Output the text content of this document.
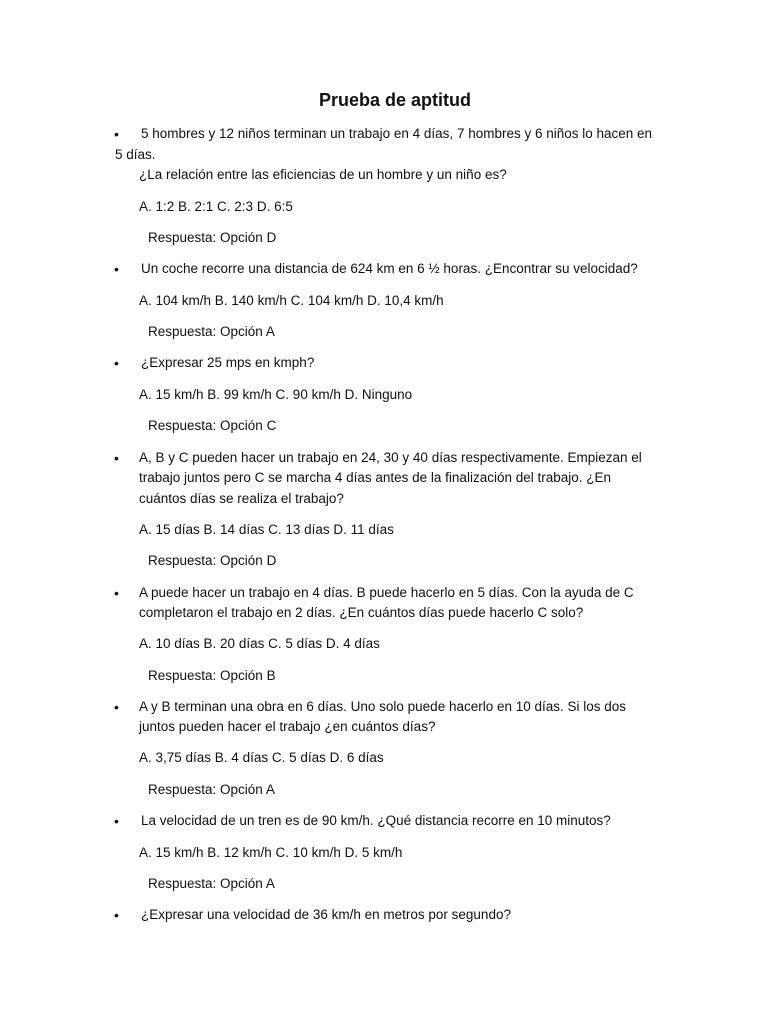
Prueba de aptitud
•	5 hombres y 12 niños terminan un trabajo en 4 días, 7 hombres y 6 niños lo hacen en
5 días.
¿La relación entre las eficiencias de un hombre y un niño es?
A. 1:2 B. 2:1 C. 2:3 D. 6:5
Respuesta: Opción D
•	Un coche recorre una distancia de 624 km en 6 ½ horas. ¿Encontrar su velocidad?
A. 104 km/h B. 140 km/h C. 104 km/h D. 10,4 km/h
Respuesta: Opción A
•	¿Expresar 25 mps en kmph?
A. 15 km/h B. 99 km/h C. 90 km/h D. Ninguno
Respuesta: Opción C
•	A, B y C pueden hacer un trabajo en 24, 30 y 40 días respectivamente. Empiezan el
trabajo juntos pero C se marcha 4 días antes de la finalización del trabajo. ¿En
cuántos días se realiza el trabajo?
A. 15 días B. 14 días C. 13 días D. 11 días
Respuesta: Opción D
•	A puede hacer un trabajo en 4 días. B puede hacerlo en 5 días. Con la ayuda de C
completaron el trabajo en 2 días. ¿En cuántos días puede hacerlo C solo?
A. 10 días B. 20 días C. 5 días D. 4 días
Respuesta: Opción B
•	A y B terminan una obra en 6 días. Uno solo puede hacerlo en 10 días. Si los dos
juntos pueden hacer el trabajo ¿en cuántos días?
A. 3,75 días B. 4 días C. 5 días D. 6 días
Respuesta: Opción A
•	La velocidad de un tren es de 90 km/h. ¿Qué distancia recorre en 10 minutos?
A. 15 km/h B. 12 km/h C. 10 km/h D. 5 km/h
Respuesta: Opción A
•	¿Expresar una velocidad de 36 km/h en metros por segundo?
